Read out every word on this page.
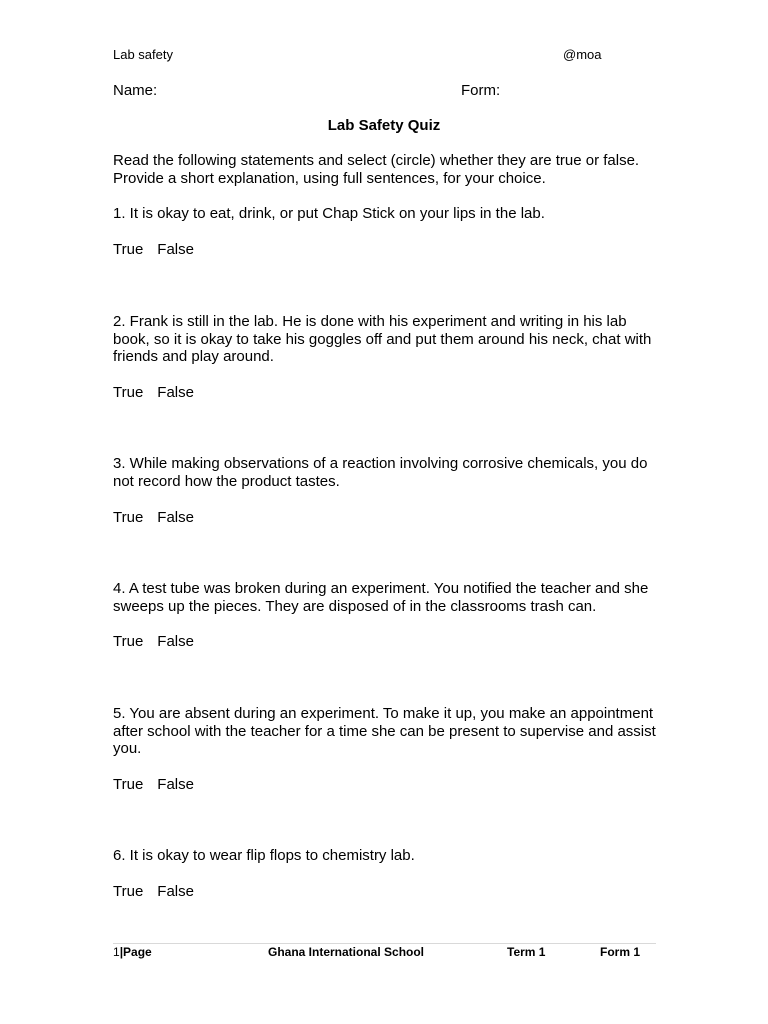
Lab safety	@moa
Name:	Form:
Lab Safety Quiz
Read the following statements and select (circle) whether they are true or false. Provide a short explanation, using full sentences, for your choice.
1. It is okay to eat, drink, or put Chap Stick on your lips in the lab.
True False
2. Frank is still in the lab. He is done with his experiment and writing in his lab book, so it is okay to take his goggles off and put them around his neck, chat with friends and play around.
True False
3. While making observations of a reaction involving corrosive chemicals, you do not record how the product tastes.
True False
4. A test tube was broken during an experiment. You notified the teacher and she sweeps up the pieces. They are disposed of in the classrooms trash can.
True False
5. You are absent during an experiment. To make it up, you make an appointment after school with the teacher for a time she can be present to supervise and assist you.
True False
6. It is okay to wear flip flops to chemistry lab.
True False
1|Page	Ghana International School	Term 1	Form 1
